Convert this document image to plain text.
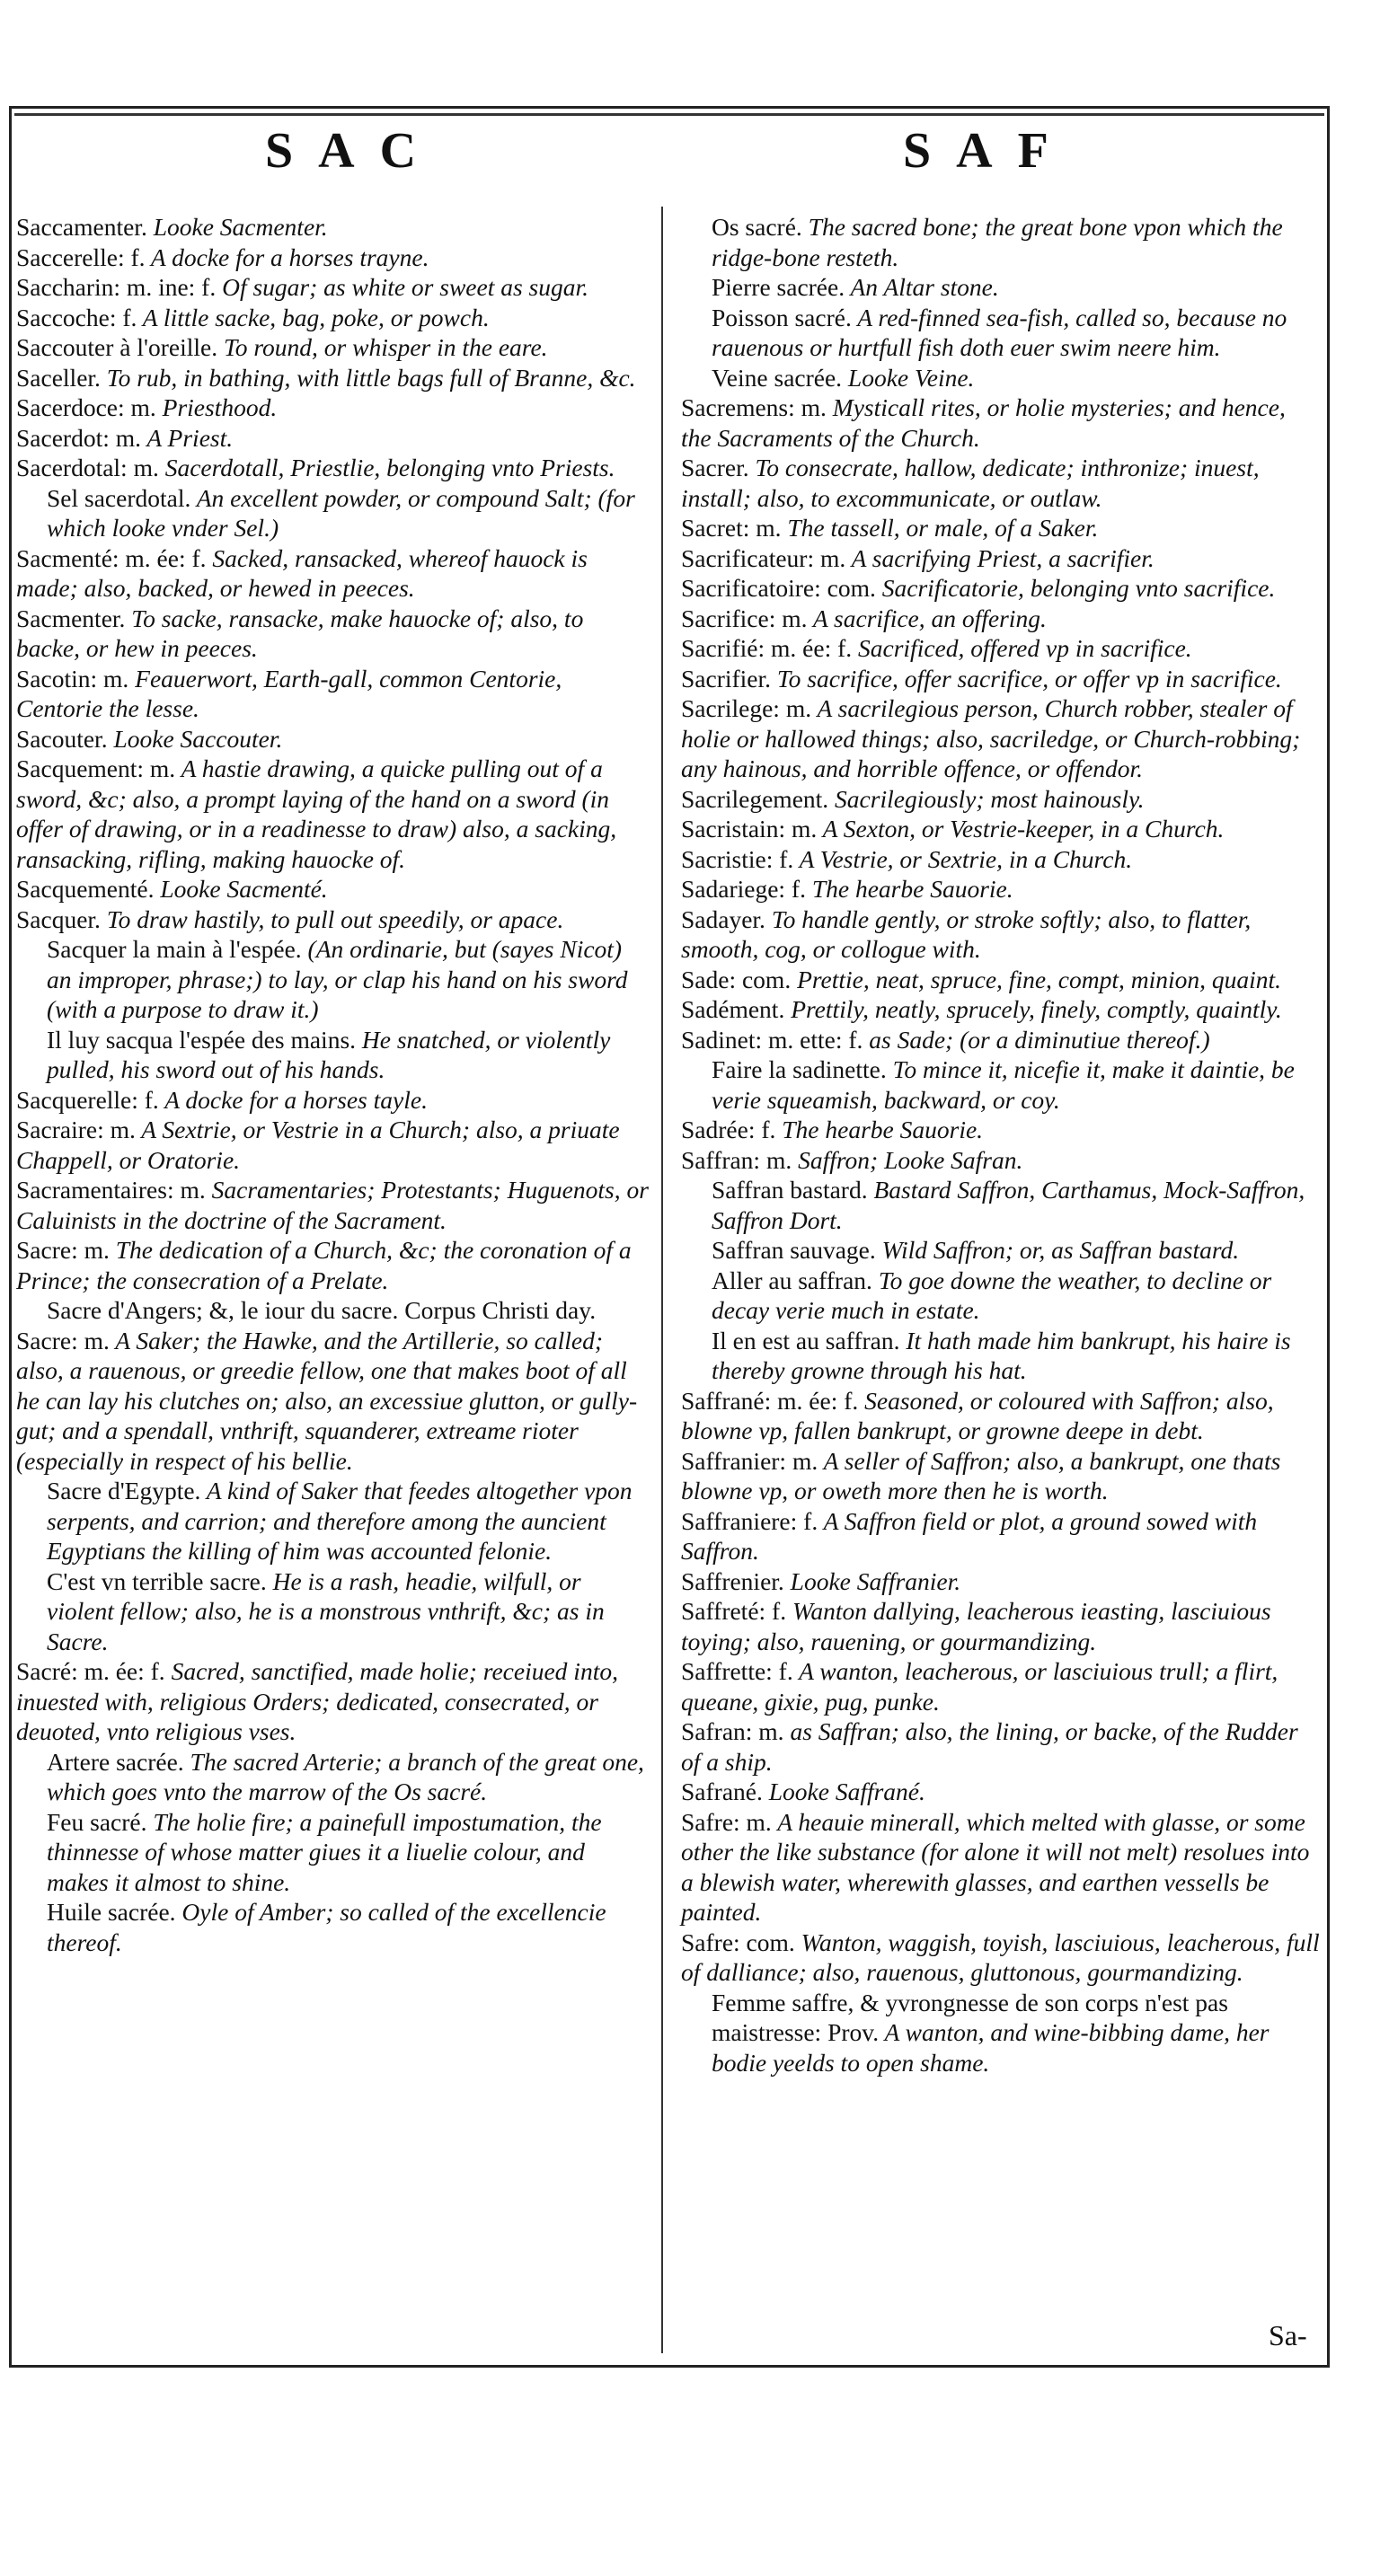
SAC	SAF

Saccamenter. Looke Sacmenter.

Saccerelle: f. A docke for a horses trayne.

Saccharin: m. ine: f. Of sugar; as white or sweet as sugar.

Saccoche: f. A little sacke, bag, poke, or powch.

Saccouter à l'oreille. To round, or whisper in the eare.

Saceller. To rub, in bathing, with little bags full of Branne, &c.

Sacerdoce: m. Priesthood.

Sacerdot: m. A Priest.

Sacerdotal: m. Sacerdotall, Priestlie, belonging vnto Priests.

Sel sacerdotal. An excellent powder, or compound Salt; (for which looke vnder Sel.)

Sacmenté: m. ée: f. Sacked, ransacked, whereof hauock is made; also, backed, or hewed in peeces.

Sacmenter. To sacke, ransacke, make hauocke of; also, to backe, or hew in peeces.

Sacotin: m. Feauerwort, Earth-gall, common Centorie, Centorie the lesse.

Sacouter. Looke Saccouter.

Sacquement: m. A hastie drawing, a quicke pulling out of a sword, &c; also, a prompt laying of the hand on a sword (in offer of drawing, or in a readinesse to draw) also, a sacking, ransacking, rifling, making hauocke of.

Sacquementé. Looke Sacmenté.

Sacquer. To draw hastily, to pull out speedily, or apace.

Sacquer la main à l'espée. (An ordinarie, but (sayes Nicot) an improper, phrase;) to lay, or clap his hand on his sword (with a purpose to draw it.)

Il luy sacqua l'espée des mains. He snatched, or violently pulled, his sword out of his hands.

Sacquerelle: f. A docke for a horses tayle.

Sacraire: m. A Sextrie, or Vestrie in a Church; also, a priuate Chappell, or Oratorie.

Sacramentaires: m. Sacramentaries; Protestants; Huguenots, or Caluinists in the doctrine of the Sacrament.

Sacre: m. The dedication of a Church, &c; the coronation of a Prince; the consecration of a Prelate.

Sacre d'Angers; &, le iour du sacre. Corpus Christi day.

Sacre: m. A Saker; the Hawke, and the Artillerie, so called; also, a rauenous, or greedie fellow, one that makes boot of all he can lay his clutches on; also, an excessiue glutton, or gully-gut; and a spendall, vnthrift, squanderer, extreame rioter (especially in respect of his bellie.

Sacre d'Egypte. A kind of Saker that feedes altogether vpon serpents, and carrion; and therefore among the auncient Egyptians the killing of him was accounted felonie.

C'est vn terrible sacre. He is a rash, headie, wilfull, or violent fellow; also, he is a monstrous vnthrift, &c; as in Sacre.

Sacré: m. ée: f. Sacred, sanctified, made holie; receiued into, inuested with, religious Orders; dedicated, consecrated, or deuoted, vnto religious vses.

Artere sacrée. The sacred Arterie; a branch of the great one, which goes vnto the marrow of the Os sacré.

Feu sacré. The holie fire; a painefull impostumation, the thinnesse of whose matter giues it a liuelie colour, and makes it almost to shine.

Huile sacrée. Oyle of Amber; so called of the excellencie thereof.

Os sacré. The sacred bone; the great bone vpon which the ridge-bone resteth.

Pierre sacrée. An Altar stone.

Poisson sacré. A red-finned sea-fish, called so, because no rauenous or hurtfull fish doth euer swim neere him.

Veine sacrée. Looke Veine.

Sacremens: m. Mysticall rites, or holie mysteries; and hence, the Sacraments of the Church.

Sacrer. To consecrate, hallow, dedicate; inthronize; inuest, install; also, to excommunicate, or outlaw.

Sacret: m. The tassell, or male, of a Saker.

Sacrificateur: m. A sacrifying Priest, a sacrifier.

Sacrificatoire: com. Sacrificatorie, belonging vnto sacrifice.

Sacrifice: m. A sacrifice, an offering.

Sacrifié: m. ée: f. Sacrificed, offered vp in sacrifice.

Sacrifier. To sacrifice, offer sacrifice, or offer vp in sacrifice.

Sacrilege: m. A sacrilegious person, Church robber, stealer of holie or hallowed things; also, sacriledge, or Church-robbing; any hainous, and horrible offence, or offendor.

Sacrilegement. Sacrilegiously; most hainously.

Sacristain: m. A Sexton, or Vestrie-keeper, in a Church.

Sacristie: f. A Vestrie, or Sextrie, in a Church.

Sadariege: f. The hearbe Sauorie.

Sadayer. To handle gently, or stroke softly; also, to flatter, smooth, cog, or collogue with.

Sade: com. Prettie, neat, spruce, fine, compt, minion, quaint.

Sadément. Prettily, neatly, sprucely, finely, comptly, quaintly.

Sadinet: m. ette: f. as Sade; (or a diminutiue thereof.)

Faire la sadinette. To mince it, nicefie it, make it daintie, be verie squeamish, backward, or coy.

Sadrée: f. The hearbe Sauorie.

Saffran: m. Saffron; Looke Safran.

Saffran bastard. Bastard Saffron, Carthamus, Mock-Saffron, Saffron Dort.

Saffran sauvage. Wild Saffron; or, as Saffran bastard.

Aller au saffran. To goe downe the weather, to decline or decay verie much in estate.

Il en est au saffran. It hath made him bankrupt, his haire is thereby growne through his hat.

Saffrané: m. ée: f. Seasoned, or coloured with Saffron; also, blowne vp, fallen bankrupt, or growne deepe in debt.

Saffranier: m. A seller of Saffron; also, a bankrupt, one thats blowne vp, or oweth more then he is worth.

Saffraniere: f. A Saffron field or plot, a ground sowed with Saffron.

Saffrenier. Looke Saffranier.

Saffreté: f. Wanton dallying, leacherous ieasting, lasciuious toying; also, rauening, or gourmandizing.

Saffrette: f. A wanton, leacherous, or lasciuious trull; a flirt, queane, gixie, pug, punke.

Safran: m. as Saffran; also, the lining, or backe, of the Rudder of a ship.

Safrané. Looke Saffrané.

Safre: m. A heauie minerall, which melted with glasse, or some other the like substance (for alone it will not melt) resolues into a blewish water, wherewith glasses, and earthen vessells be painted.

Safre: com. Wanton, waggish, toyish, lasciuious, leacherous, full of dalliance; also, rauenous, gluttonous, gourmandizing.

Femme saffre, & yvrongnesse de son corps n'est pas maistresse: Prov. A wanton, and wine-bibbing dame, her bodie yeelds to open shame.

Sa-
